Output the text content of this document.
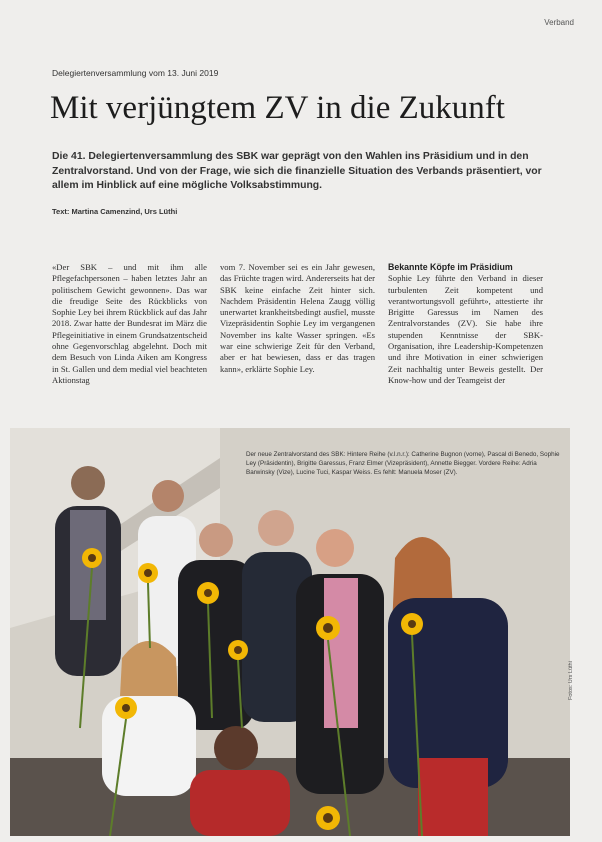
Verband
Delegiertenversammlung vom 13. Juni 2019
Mit verjüngtem ZV in die Zukunft

Die 41. Delegiertenversammlung des SBK war geprägt von den Wahlen ins Präsidium und in den Zentralvorstand. Und von der Frage, wie sich die finanzielle Situation des Verbands präsentiert, vor allem im Hinblick auf eine mögliche Volksabstimmung.

Text: Martina Camenzind, Urs Lüthi

«Der SBK – und mit ihm alle Pflegefachpersonen – haben letztes Jahr an politischem Gewicht gewonnen». Das war die freudige Seite des Rückblicks von Sophie Ley bei ihrem Rückblick auf das Jahr 2018. Zwar hatte der Bundesrat im März die Pflegeinitiative in einem Grundsatzentscheid ohne Gegenvorschlag abgelehnt. Doch mit dem Besuch von Linda Aiken am Kongress in St. Gallen und dem medial viel beachteten Aktionstag

vom 7. November sei es ein Jahr gewesen, das Früchte tragen wird. Andererseits hat der SBK keine einfache Zeit hinter sich. Nachdem Präsidentin Helena Zaugg völlig unerwartet krankheitsbedingt ausfiel, musste Vizepräsidentin Sophie Ley im vergangenen November ins kalte Wasser springen. «Es war eine schwierige Zeit für den Verband, aber er hat bewiesen, dass er das tragen kann», erklärte Sophie Ley.

Bekannte Köpfe im Präsidium
Sophie Ley führte den Verband in dieser turbulenten Zeit kompetent und verantwortungsvoll geführt», attestierte ihr Brigitte Garessus im Namen des Zentralvorstandes (ZV). Sie habe ihre stupenden Kenntnisse der SBK-Organisation, ihre Leadership-Kompetenzen und ihre Motivation in einer schwierigen Zeit nachhaltig unter Beweis gestellt. Der Know-how und der Teamgeist der

Der neue Zentralvorstand des SBK: Hintere Reihe (v.l.n.r.): Catherine Bugnon (vorne), Pascal di Benedo, Sophie Ley (Präsidentin), Brigitte Garessus, Franz Elmer (Vizepräsident), Annette Biegger. Vordere Reihe: Adria Barwinsky (Vize), Lucine Tuci, Kaspar Weiss. Es fehlt: Manuela Moser (ZV).

Fotos: Urs Lüthi
